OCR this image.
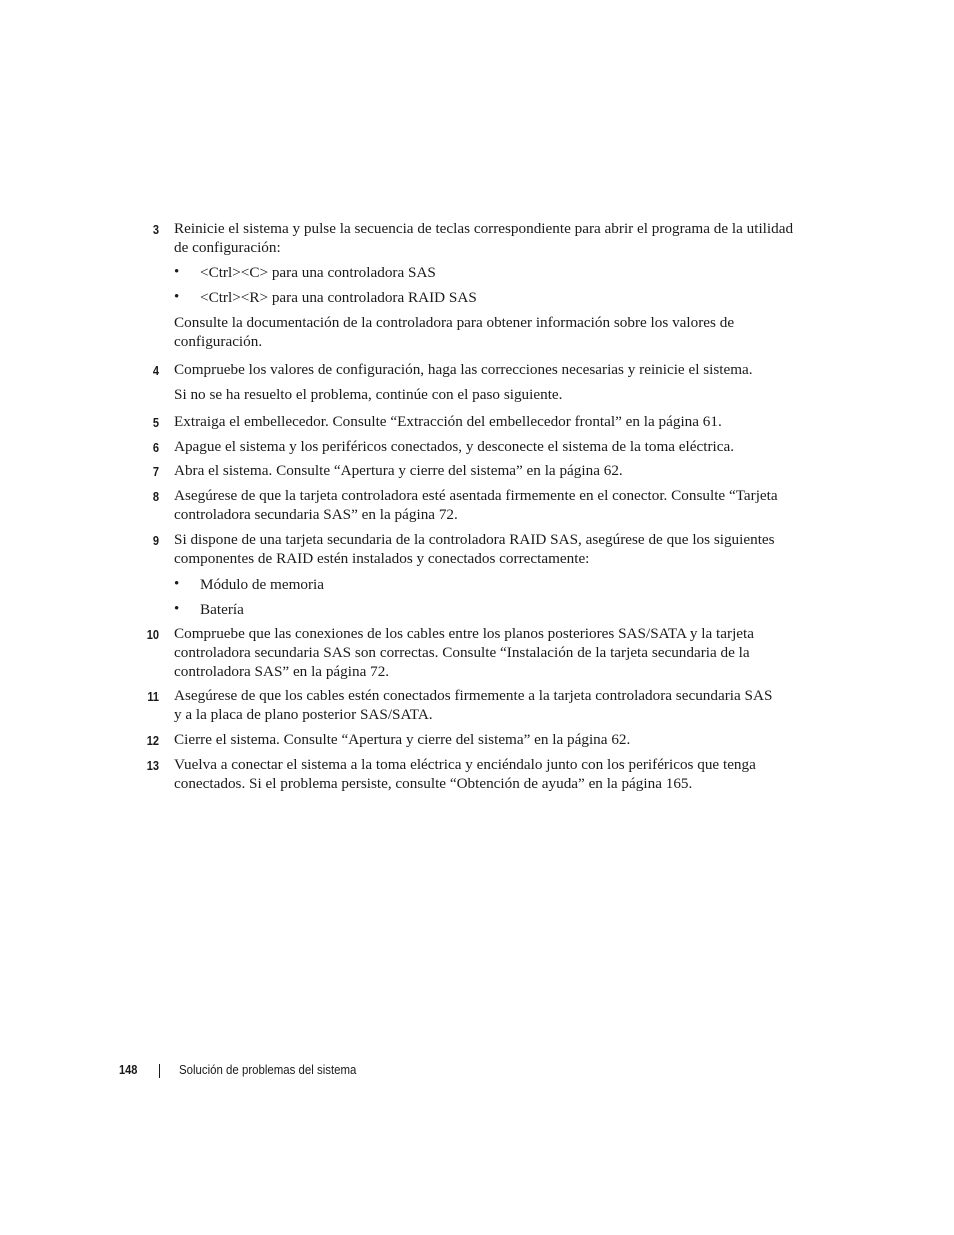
3 Reinicie el sistema y pulse la secuencia de teclas correspondiente para abrir el programa de la utilidad
de configuración:
• <Ctrl><C> para una controladora SAS
• <Ctrl><R> para una controladora RAID SAS
Consulte la documentación de la controladora para obtener información sobre los valores de
configuración.
4 Compruebe los valores de configuración, haga las correcciones necesarias y reinicie el sistema.
Si no se ha resuelto el problema, continúe con el paso siguiente.
5 Extraiga el embellecedor. Consulte “Extracción del embellecedor frontal” en la página 61.
6 Apague el sistema y los periféricos conectados, y desconecte el sistema de la toma eléctrica.
7 Abra el sistema. Consulte “Apertura y cierre del sistema” en la página 62.
8 Asegúrese de que la tarjeta controladora esté asentada firmemente en el conector. Consulte “Tarjeta
controladora secundaria SAS” en la página 72.
9 Si dispone de una tarjeta secundaria de la controladora RAID SAS, asegúrese de que los siguientes
componentes de RAID estén instalados y conectados correctamente:
• Módulo de memoria
• Batería
10 Compruebe que las conexiones de los cables entre los planos posteriores SAS/SATA y la tarjeta
controladora secundaria SAS son correctas. Consulte “Instalación de la tarjeta secundaria de la
controladora SAS” en la página 72.
11 Asegúrese de que los cables estén conectados firmemente a la tarjeta controladora secundaria SAS
y a la placa de plano posterior SAS/SATA.
12 Cierre el sistema. Consulte “Apertura y cierre del sistema” en la página 62.
13 Vuelva a conectar el sistema a la toma eléctrica y enciéndalo junto con los periféricos que tenga
conectados. Si el problema persiste, consulte “Obtención de ayuda” en la página 165.
148	Solución de problemas del sistema
